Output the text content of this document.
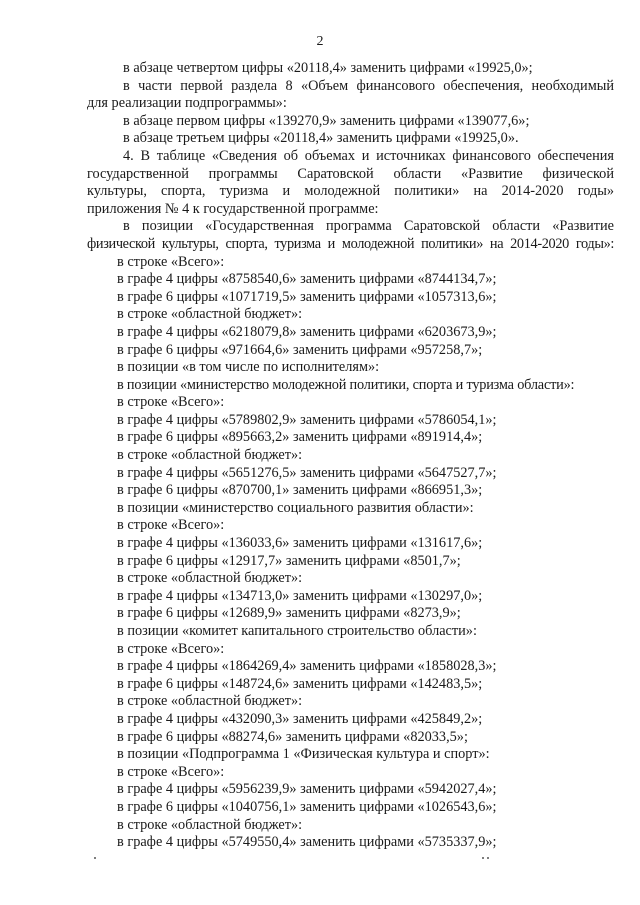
2
в абзаце четвертом цифры «20118,4» заменить цифрами «19925,0»;
в части первой раздела 8 «Объем финансового обеспечения, необходимый
для реализации подпрограммы»:
в абзаце первом цифры «139270,9» заменить цифрами «139077,6»;
в абзаце третьем цифры «20118,4» заменить цифрами «19925,0».
4. В таблице «Сведения об объемах и источниках финансового обеспечения
государственной программы Саратовской области «Развитие физической
культуры, спорта, туризма и молодежной политики» на 2014-2020 годы»
приложения № 4 к государственной программе:
в позиции «Государственная программа Саратовской области «Развитие
физической культуры, спорта, туризма и молодежной политики» на 2014-2020 годы»:
в строке «Всего»:
в графе 4 цифры «8758540,6» заменить цифрами «8744134,7»;
в графе 6 цифры «1071719,5» заменить цифрами «1057313,6»;
в строке «областной бюджет»:
в графе 4 цифры «6218079,8» заменить цифрами «6203673,9»;
в графе 6 цифры «971664,6» заменить цифрами «957258,7»;
в позиции «в том числе по исполнителям»:
в позиции «министерство молодежной политики, спорта и туризма области»:
в строке «Всего»:
в графе 4 цифры «5789802,9» заменить цифрами «5786054,1»;
в графе 6 цифры «895663,2» заменить цифрами «891914,4»;
в строке «областной бюджет»:
в графе 4 цифры «5651276,5» заменить цифрами «5647527,7»;
в графе 6 цифры «870700,1» заменить цифрами «866951,3»;
в позиции «министерство социального развития области»:
в строке «Всего»:
в графе 4 цифры «136033,6» заменить цифрами «131617,6»;
в графе 6 цифры «12917,7» заменить цифрами «8501,7»;
в строке «областной бюджет»:
в графе 4 цифры «134713,0» заменить цифрами «130297,0»;
в графе 6 цифры «12689,9» заменить цифрами «8273,9»;
в позиции «комитет капитального строительство области»:
в строке «Всего»:
в графе 4 цифры «1864269,4» заменить цифрами «1858028,3»;
в графе 6 цифры «148724,6» заменить цифрами «142483,5»;
в строке «областной бюджет»:
в графе 4 цифры «432090,3» заменить цифрами «425849,2»;
в графе 6 цифры «88274,6» заменить цифрами «82033,5»;
в позиции «Подпрограмма 1 «Физическая культура и спорт»:
в строке «Всего»:
в графе 4 цифры «5956239,9» заменить цифрами «5942027,4»;
в графе 6 цифры «1040756,1» заменить цифрами «1026543,6»;
в строке «областной бюджет»:
в графе 4 цифры «5749550,4» заменить цифрами «5735337,9»;
